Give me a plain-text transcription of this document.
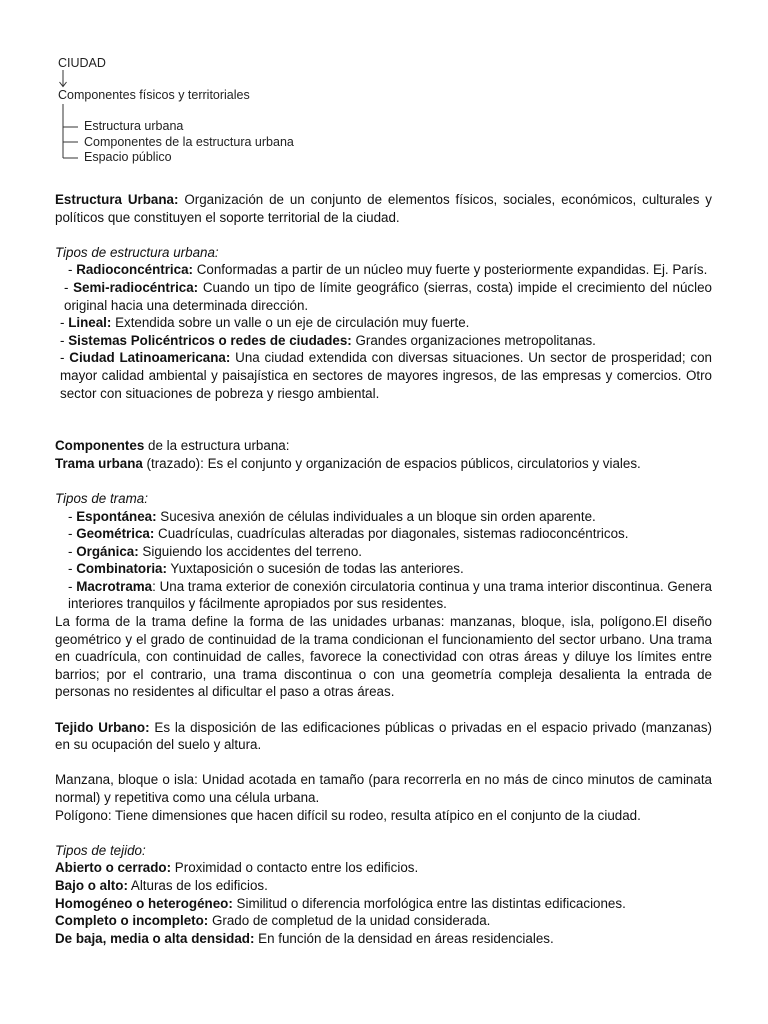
CIUDAD
Componentes físicos y territoriales
Estructura urbana
Componentes de la estructura urbana
Espacio público

Estructura Urbana: Organización de un conjunto de elementos físicos, sociales, económicos, culturales y políticos que constituyen el soporte territorial de la ciudad.

Tipos de estructura urbana:

- Radioconcéntrica: Conformadas a partir de un núcleo muy fuerte y posteriormente expandidas. Ej. París.

- Semi-radiocéntrica: Cuando un tipo de límite geográfico (sierras, costa) impide el crecimiento del núcleo original hacia una determinada dirección.

- Lineal: Extendida sobre un valle o un eje de circulación muy fuerte.

- Sistemas Policéntricos o redes de ciudades: Grandes organizaciones metropolitanas.

- Ciudad Latinoamericana: Una ciudad extendida con diversas situaciones. Un sector de prosperidad; con mayor calidad ambiental y paisajística en sectores de mayores ingresos, de las empresas y comercios. Otro sector con situaciones de pobreza y riesgo ambiental.

Componentes de la estructura urbana:

Trama urbana (trazado): Es el conjunto y organización de espacios públicos, circulatorios y viales.

Tipos de trama:

- Espontánea: Sucesiva anexión de células individuales a un bloque sin orden aparente.

- Geométrica: Cuadrículas, cuadrículas alteradas por diagonales, sistemas radioconcéntricos.

- Orgánica: Siguiendo los accidentes del terreno.

- Combinatoria: Yuxtaposición o sucesión de todas las anteriores.

- Macrotrama: Una trama exterior de conexión circulatoria continua y una trama interior discontinua. Genera interiores tranquilos y fácilmente apropiados por sus residentes.

La forma de la trama define la forma de las unidades urbanas: manzanas, bloque, isla, polígono.El diseño geométrico y el grado de continuidad de la trama condicionan el funcionamiento del sector urbano. Una trama en cuadrícula, con continuidad de calles, favorece la conectividad con otras áreas y diluye los límites entre barrios; por el contrario, una trama discontinua o con una geometría compleja desalienta la entrada de personas no residentes al dificultar el paso a otras áreas.

Tejido Urbano: Es la disposición de las edificaciones públicas o privadas en el espacio privado (manzanas) en su ocupación del suelo y altura.

Manzana, bloque o isla: Unidad acotada en tamaño (para recorrerla en no más de cinco minutos de caminata normal) y repetitiva como una célula urbana.

Polígono: Tiene dimensiones que hacen difícil su rodeo, resulta atípico en el conjunto de la ciudad.

Tipos de tejido:

Abierto o cerrado: Proximidad o contacto entre los edificios.

Bajo o alto: Alturas de los edificios.

Homogéneo o heterogéneo: Similitud o diferencia morfológica entre las distintas edificaciones.

Completo o incompleto: Grado de completud de la unidad considerada.

De baja, media o alta densidad: En función de la densidad en áreas residenciales.
